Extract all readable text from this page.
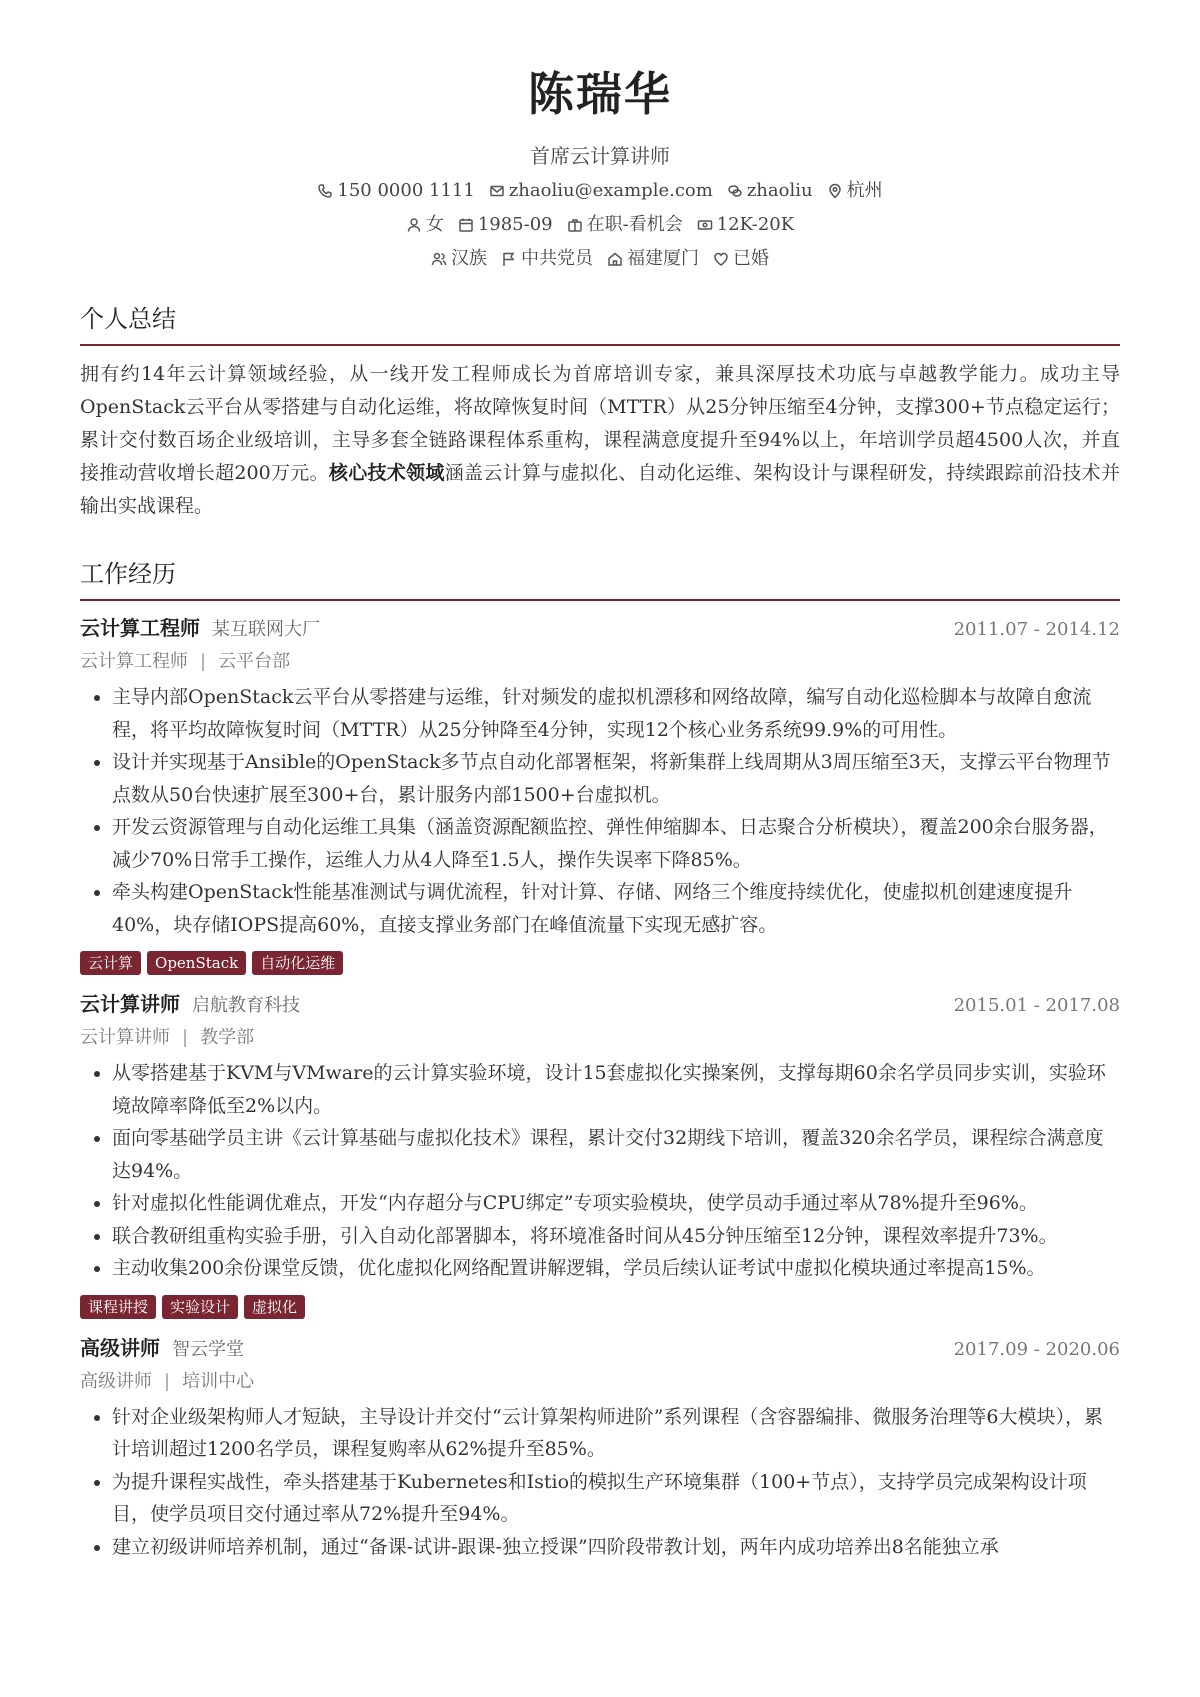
陈瑞华
首席云计算讲师
150 0000 1111 zhaoliu@example.com zhaoliu 杭州
女 1985-09 在职-看机会 12K-20K
汉族 中共党员 福建厦门 已婚
个人总结
拥有约14年云计算领域经验，从一线开发工程师成长为首席培训专家，兼具深厚技术功底与卓越教学能力。成功主导OpenStack云平台从零搭建与自动化运维，将故障恢复时间（MTTR）从25分钟压缩至4分钟，支撑300+节点稳定运行；累计交付数百场企业级培训，主导多套全链路课程体系重构，课程满意度提升至94%以上，年培训学员超4500人次，并直接推动营收增长超200万元。核心技术领域涵盖云计算与虚拟化、自动化运维、架构设计与课程研发，持续跟踪前沿技术并输出实战课程。
工作经历
云计算工程师 某互联网大厂	2011.07 - 2014.12
云计算工程师 | 云平台部
• 主导内部OpenStack云平台从零搭建与运维，针对频发的虚拟机漂移和网络故障，编写自动化巡检脚本与故障自愈流程，将平均故障恢复时间（MTTR）从25分钟降至4分钟，实现12个核心业务系统99.9%的可用性。
• 设计并实现基于Ansible的OpenStack多节点自动化部署框架，将新集群上线周期从3周压缩至3天，支撑云平台物理节点数从50台快速扩展至300+台，累计服务内部1500+台虚拟机。
• 开发云资源管理与自动化运维工具集（涵盖资源配额监控、弹性伸缩脚本、日志聚合分析模块），覆盖200余台服务器，减少70%日常手工操作，运维人力从4人降至1.5人，操作失误率下降85%。
• 牵头构建OpenStack性能基准测试与调优流程，针对计算、存储、网络三个维度持续优化，使虚拟机创建速度提升40%，块存储IOPS提高60%，直接支撑业务部门在峰值流量下实现无感扩容。
云计算	OpenStack	自动化运维
云计算讲师 启航教育科技	2015.01 - 2017.08
云计算讲师 | 教学部
• 从零搭建基于KVM与VMware的云计算实验环境，设计15套虚拟化实操案例，支撑每期60余名学员同步实训，实验环境故障率降低至2%以内。
• 面向零基础学员主讲《云计算基础与虚拟化技术》课程，累计交付32期线下培训，覆盖320余名学员，课程综合满意度达94%。
• 针对虚拟化性能调优难点，开发“内存超分与CPU绑定”专项实验模块，使学员动手通过率从78%提升至96%。
• 联合教研组重构实验手册，引入自动化部署脚本，将环境准备时间从45分钟压缩至12分钟，课程效率提升73%。
• 主动收集200余份课堂反馈，优化虚拟化网络配置讲解逻辑，学员后续认证考试中虚拟化模块通过率提高15%。
课程讲授	实验设计	虚拟化
高级讲师 智云学堂	2017.09 - 2020.06
高级讲师 | 培训中心
• 针对企业级架构师人才短缺，主导设计并交付“云计算架构师进阶”系列课程（含容器编排、微服务治理等6大模块），累计培训超过1200名学员，课程复购率从62%提升至85%。
• 为提升课程实战性，牵头搭建基于Kubernetes和Istio的模拟生产环境集群（100+节点），支持学员完成架构设计项目，使学员项目交付通过率从72%提升至94%。
• 建立初级讲师培养机制，通过“备课-试讲-跟课-独立授课”四阶段带教计划，两年内成功培养出8名能独立承
